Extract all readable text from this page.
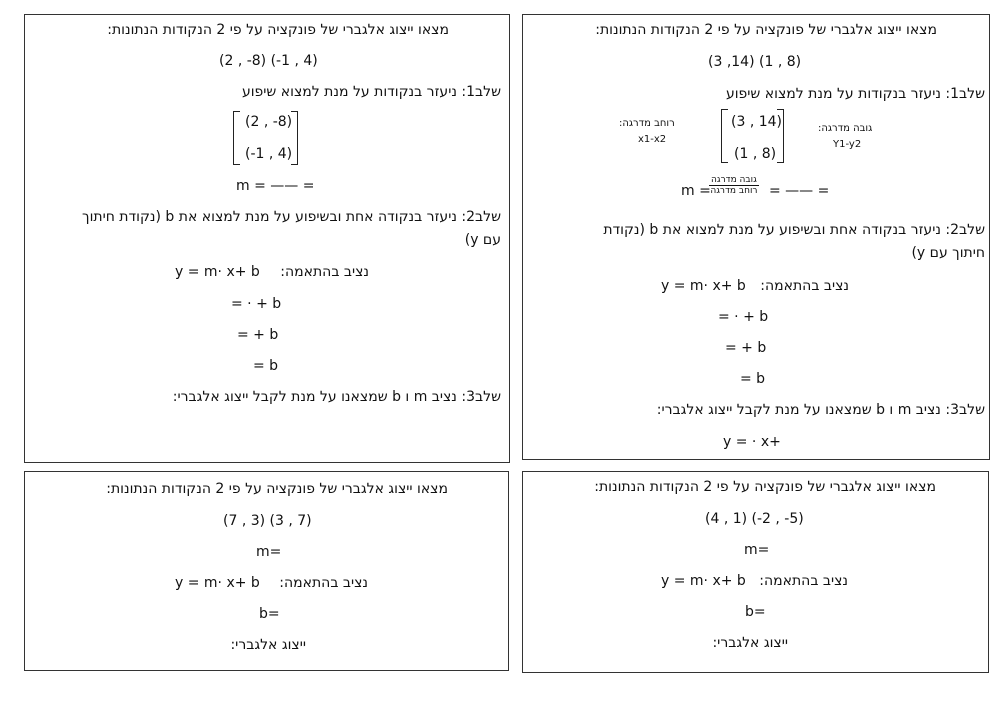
מצאו ייצוג אלגברי של פונקציה על פי 2 הנקודות הנתונות:
(2 , -8) (-1 , 4)
שלב1: ניעזר בנקודות על מנת למצוא שיפוע
(2 , -8)
(-1 , 4)
m = —— =
שלב2: ניעזר בנקודה אחת ובשיפוע על מנת למצוא את b (נקודת חיתוך
עם y)
y = m· x+ b נציב בהתאמה:
= · + b
= + b
= b
שלב3: נציב m ו b שמצאנו על מנת לקבל ייצוג אלגברי:
מצאו ייצוג אלגברי של פונקציה על פי 2 הנקודות הנתונות:
(3 ,14) (1 , 8)
שלב1: ניעזר בנקודות על מנת למצוא שיפוע
רוחב מדרגה:
x1-x2
(3 , 14)
(1 , 8)
גובה מדרגה:
Y1-y2
m =
גובה מדרגה
רוחב מדרגה = —— =
שלב2: ניעזר בנקודה אחת ובשיפוע על מנת למצוא את b (נקודת
חיתוך עם y)
y = m· x+ b נציב בהתאמה:
= · + b
= + b
= b
שלב3: נציב m ו b שמצאנו על מנת לקבל ייצוג אלגברי:
y = · x+
מצאו ייצוג אלגברי של פונקציה על פי 2 הנקודות הנתונות:
(7 , 3) (3 , 7)
m=
y = m· x+ b נציב בהתאמה:
b=
ייצוג אלגברי:
מצאו ייצוג אלגברי של פונקציה על פי 2 הנקודות הנתונות:
(4 , 1) (-2 , -5)
m=
y = m· x+ b נציב בהתאמה:
b=
ייצוג אלגברי:
